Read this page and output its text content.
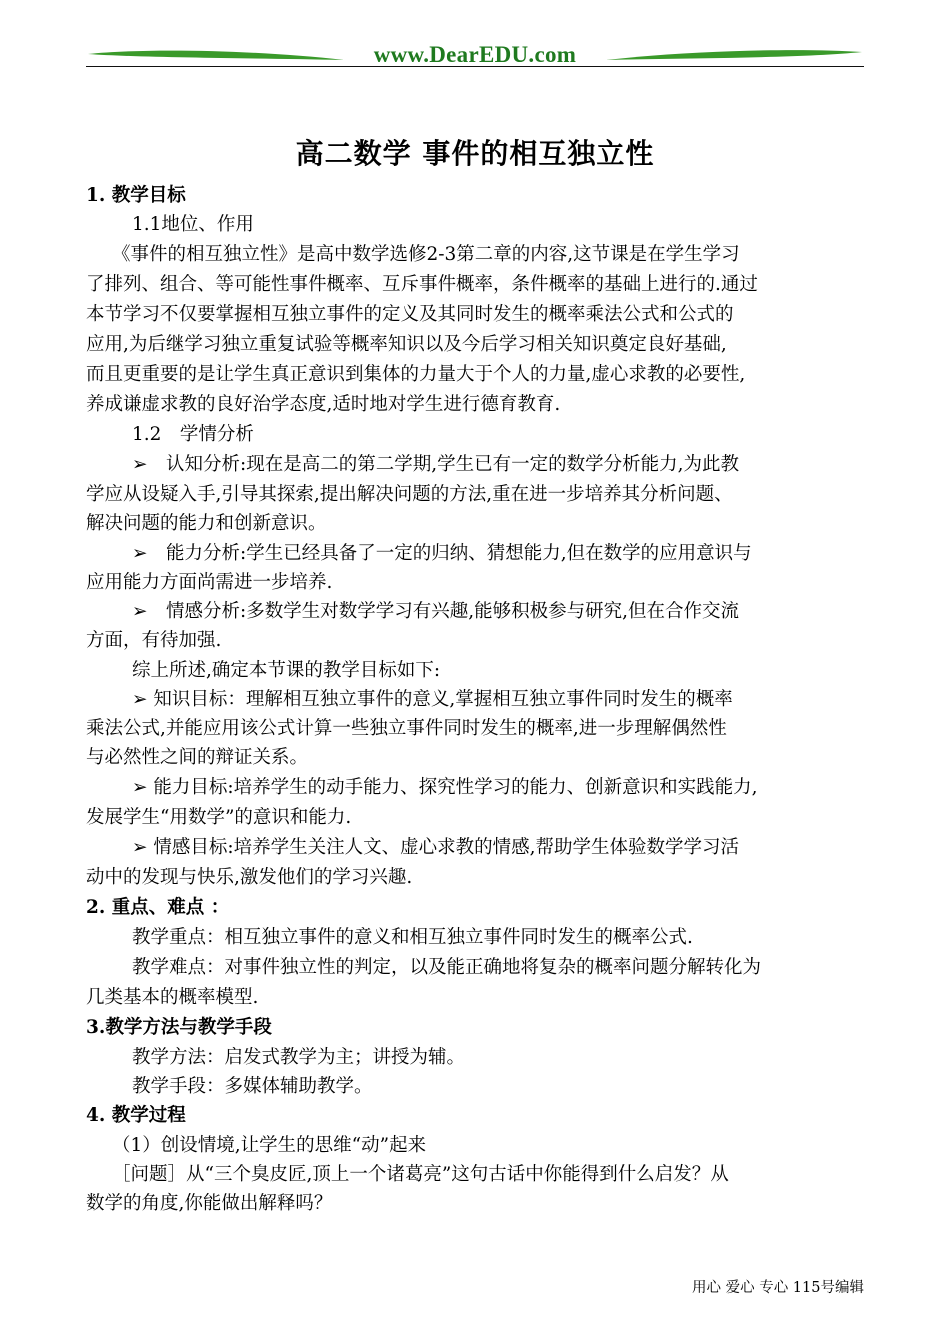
www.DearEDU.com
高二数学 事件的相互独立性
1. 教学目标
1.1地位、作用
《事件的相互独立性》是高中数学选修2-3第二章的内容,这节课是在学生学习
了排列、组合、等可能性事件概率、互斥事件概率，条件概率的基础上进行的.通过
本节学习不仅要掌握相互独立事件的定义及其同时发生的概率乘法公式和公式的
应用,为后继学习独立重复试验等概率知识以及今后学习相关知识奠定良好基础,
而且更重要的是让学生真正意识到集体的力量大于个人的力量,虚心求教的必要性,
养成谦虚求教的良好治学态度,适时地对学生进行德育教育.
1.2　学情分析
➢　认知分析:现在是高二的第二学期,学生已有一定的数学分析能力,为此教
学应从设疑入手,引导其探索,提出解决问题的方法,重在进一步培养其分析问题、
解决问题的能力和创新意识。
➢　能力分析:学生已经具备了一定的归纳、猜想能力,但在数学的应用意识与
应用能力方面尚需进一步培养.
➢　情感分析:多数学生对数学学习有兴趣,能够积极参与研究,但在合作交流
方面，有待加强.
综上所述,确定本节课的教学目标如下:
➢ 知识目标：理解相互独立事件的意义,掌握相互独立事件同时发生的概率
乘法公式,并能应用该公式计算一些独立事件同时发生的概率,进一步理解偶然性
与必然性之间的辩证关系。
➢ 能力目标:培养学生的动手能力、探究性学习的能力、创新意识和实践能力,
发展学生“用数学”的意识和能力.
➢ 情感目标:培养学生关注人文、虚心求教的情感,帮助学生体验数学学习活
动中的发现与快乐,激发他们的学习兴趣.
2. 重点、难点 ：
教学重点：相互独立事件的意义和相互独立事件同时发生的概率公式.
教学难点：对事件独立性的判定，以及能正确地将复杂的概率问题分解转化为
几类基本的概率模型.
3.教学方法与教学手段
教学方法：启发式教学为主；讲授为辅。
教学手段：多媒体辅助教学。
4. 教学过程
（1）创设情境,让学生的思维“动”起来
［问题］从“三个臭皮匠,顶上一个诸葛亮”这句古话中你能得到什么启发？从
数学的角度,你能做出解释吗？
用心 爱心 专心 115号编辑
